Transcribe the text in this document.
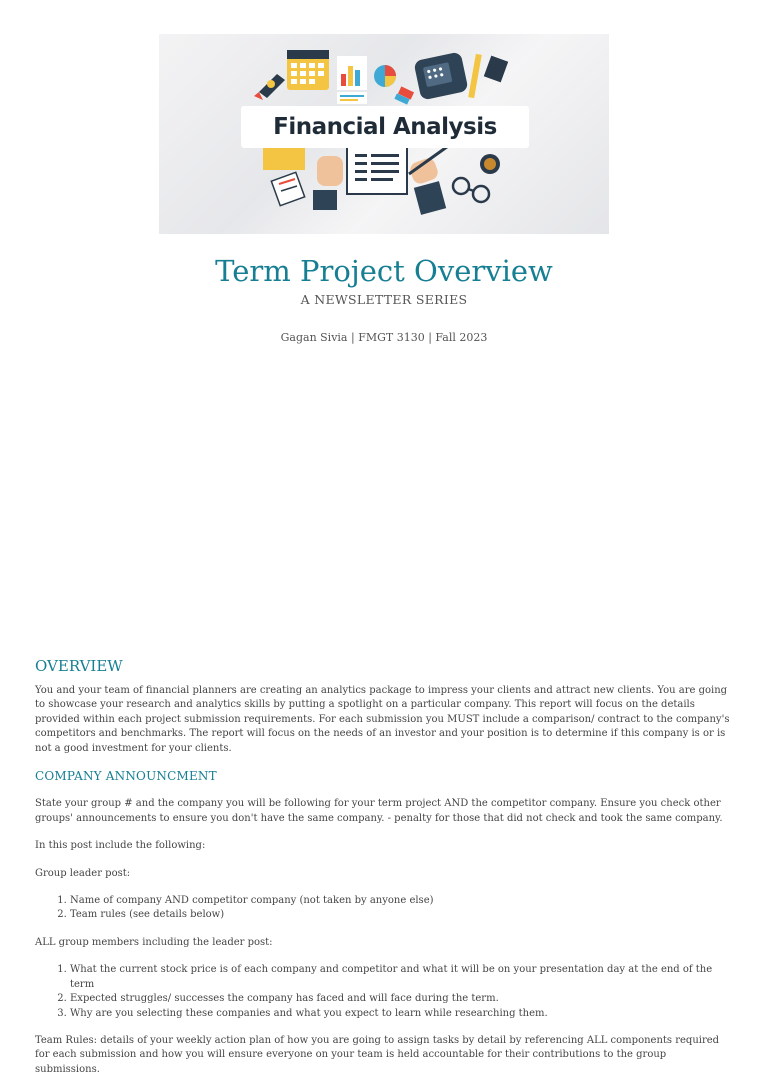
Financial Analysis
Term Project Overview
A NEWSLETTER SERIES
Gagan Sivia | FMGT 3130 | Fall 2023
OVERVIEW

You and your team of financial planners are creating an analytics package to impress your clients and attract new clients. You are going to showcase your research and analytics skills by putting a spotlight on a particular company. This report will focus on the details provided within each project submission requirements. For each submission you MUST include a comparison/ contract to the company's competitors and benchmarks. The report will focus on the needs of an investor and your position is to determine if this company is or is not a good investment for your clients.

COMPANY ANNOUNCMENT

State your group # and the company you will be following for your term project AND the competitor company. Ensure you check other groups' announcements to ensure you don't have the same company. - penalty for those that did not check and took the same company.

In this post include the following:

Group leader post:

1. Name of company AND competitor company (not taken by anyone else)
2. Team rules (see details below)

ALL group members including the leader post:

1. What the current stock price is of each company and competitor and what it will be on your presentation day at the end of the term
2. Expected struggles/ successes the company has faced and will face during the term.
3. Why are you selecting these companies and what you expect to learn while researching them.

Team Rules: details of your weekly action plan of how you are going to assign tasks by detail by referencing ALL components required for each submission and how you will ensure everyone on your team is held accountable for their contributions to the group submissions.
